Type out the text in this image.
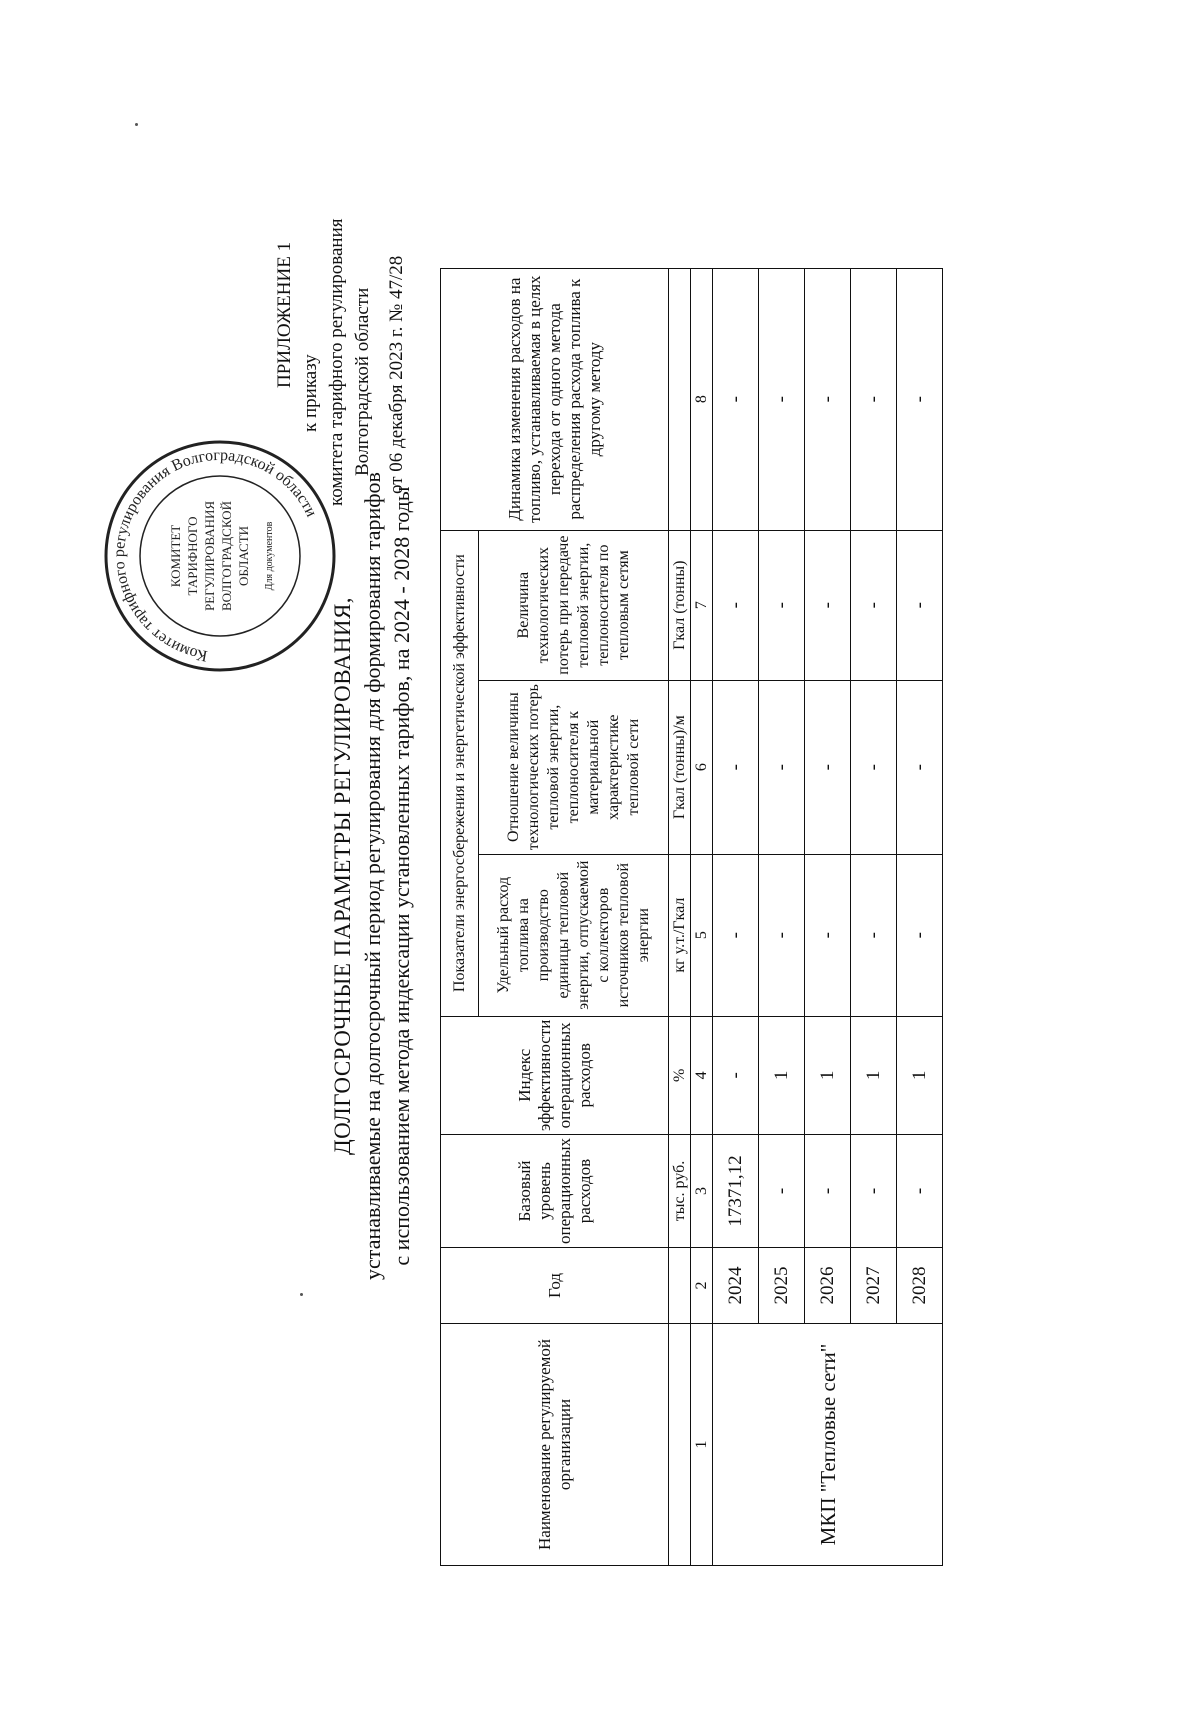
ПРИЛОЖЕНИЕ 1
к приказу комитета тарифного регулирования Волгоградской области от 06 декабря 2023 г. № 47/28
Комитет тарифного регулирования Волгоградской области
КОМИТЕТ ТАРИФНОГО РЕГУЛИРОВАНИЯ ВОЛГОГРАДСКОЙ ОБЛАСТИ Для документов
ДОЛГОСРОЧНЫЕ ПАРАМЕТРЫ РЕГУЛИРОВАНИЯ, устанавливаемые на долгосрочный период регулирования для формирования тарифов с использованием метода индексации установленных тарифов, на 2024 - 2028 годы
Наименование регулируемой организации	Год	Базовый уровень операционных расходов	Индекс эффективности операционных расходов	Показатели энергосбережения и энергетической эффективности			Динамика изменения расходов на топливо, устанавливаемая в целях перехода от одного метода распределения расхода топлива к другому методу
				Удельный расход топлива на производство единицы тепловой энергии, отпускаемой с коллекторов источников тепловой энергии	Отношение величины технологических потерь тепловой энергии, теплоносителя к материальной характеристике тепловой сети	Величина технологических потерь при передаче тепловой энергии, теплоносителя по тепловым сетям	
		тыс. руб.	%	кг у.т./Гкал	Гкал (тонны)/м	Гкал (тонны)	
1	2	3	4	5	6	7	8
МКП "Тепловые сети"	2024	17371,12	-	-	-	-	-
	2025	-	1	-	-	-	-
	2026	-	1	-	-	-	-
	2027	-	1	-	-	-	-
	2028	-	1	-	-	-	-
